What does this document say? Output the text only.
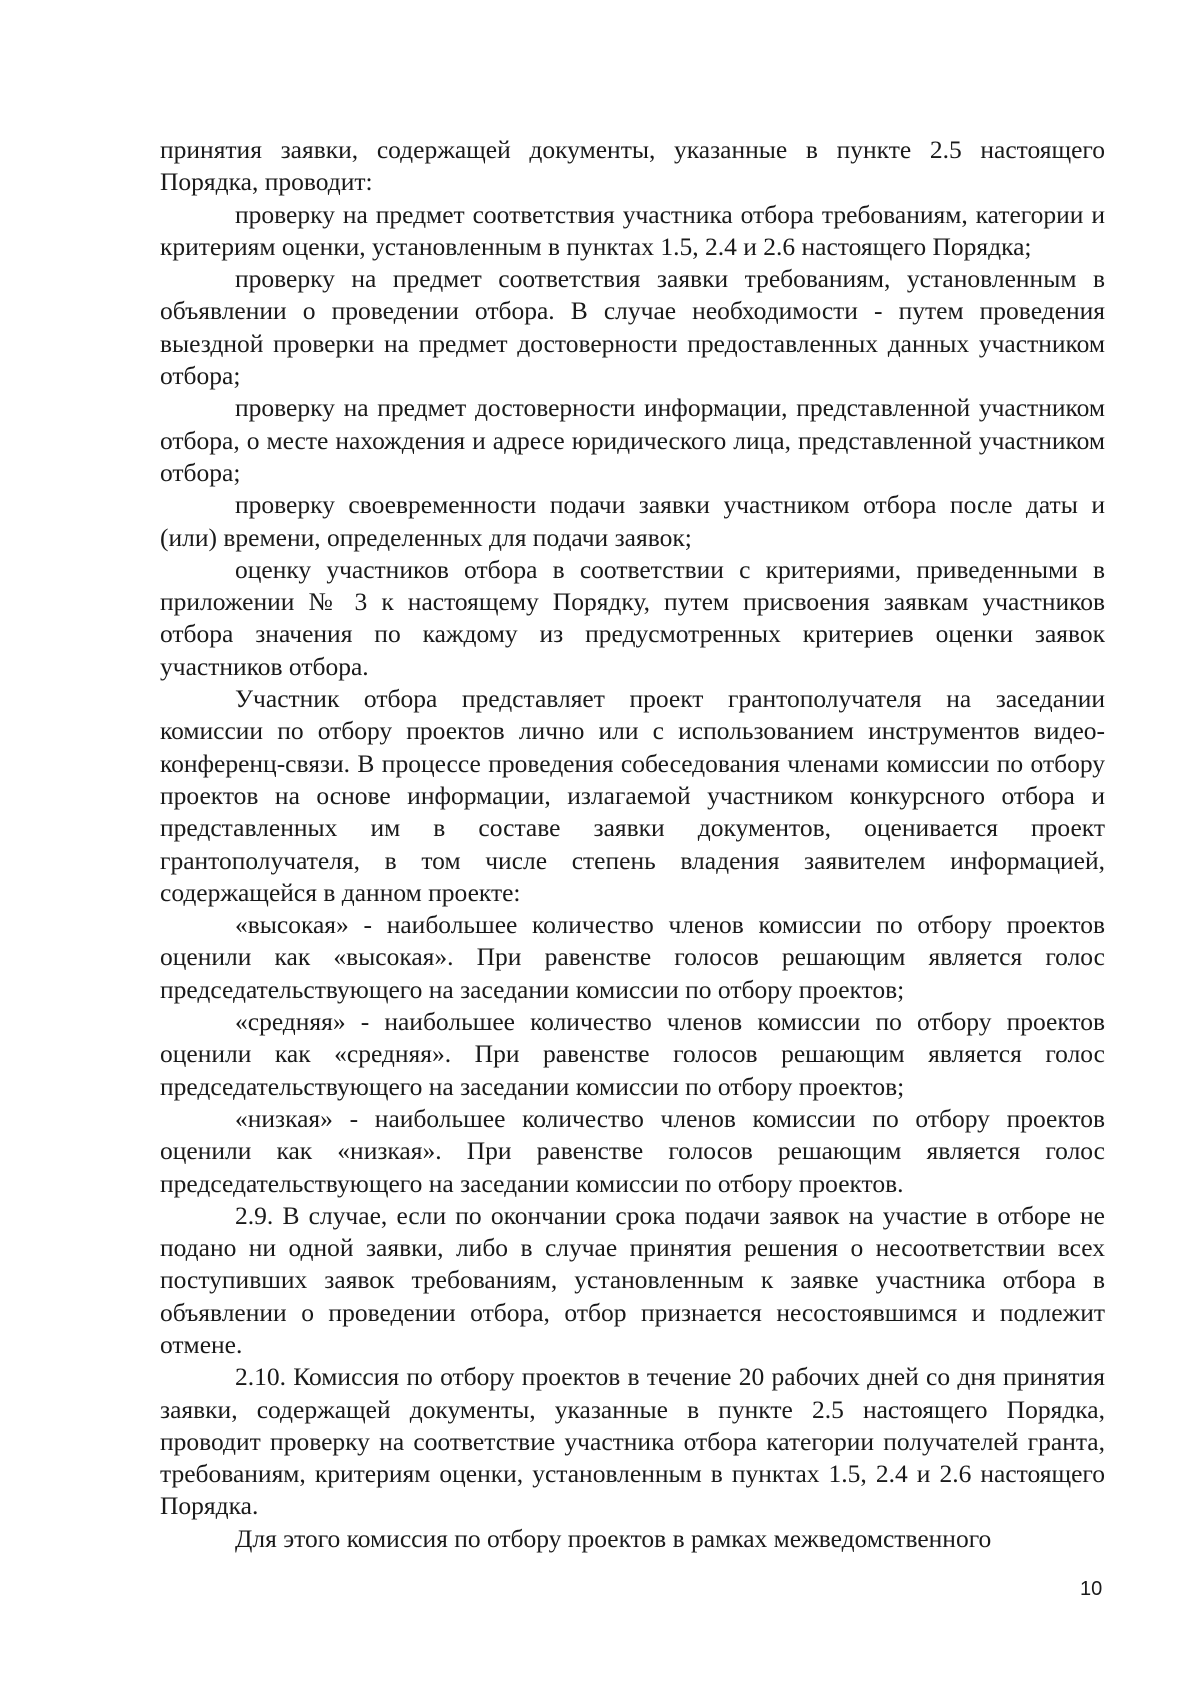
принятия заявки, содержащей документы, указанные в пункте 2.5 настоящего Порядка, проводит:

проверку на предмет соответствия участника отбора требованиям, категории и критериям оценки, установленным в пунктах 1.5, 2.4 и 2.6 настоящего Порядка;

проверку на предмет соответствия заявки требованиям, установленным в объявлении о проведении отбора. В случае необходимости - путем проведения выездной проверки на предмет достоверности предоставленных данных участником отбора;

проверку на предмет достоверности информации, представленной участником отбора, о месте нахождения и адресе юридического лица, представленной участником отбора;

проверку своевременности подачи заявки участником отбора после даты и (или) времени, определенных для подачи заявок;

оценку участников отбора в соответствии с критериями, приведенными в приложении № 3 к настоящему Порядку, путем присвоения заявкам участников отбора значения по каждому из предусмотренных критериев оценки заявок участников отбора.

Участник отбора представляет проект грантополучателя на заседании комиссии по отбору проектов лично или с использованием инструментов видео-конференц-связи. В процессе проведения собеседования членами комиссии по отбору проектов на основе информации, излагаемой участником конкурсного отбора и представленных им в составе заявки документов, оценивается проект грантополучателя, в том числе степень владения заявителем информацией, содержащейся в данном проекте:

«высокая» - наибольшее количество членов комиссии по отбору проектов оценили как «высокая». При равенстве голосов решающим является голос председательствующего на заседании комиссии по отбору проектов;

«средняя» - наибольшее количество членов комиссии по отбору проектов оценили как «средняя». При равенстве голосов решающим является голос председательствующего на заседании комиссии по отбору проектов;

«низкая» - наибольшее количество членов комиссии по отбору проектов оценили как «низкая». При равенстве голосов решающим является голос председательствующего на заседании комиссии по отбору проектов.

2.9. В случае, если по окончании срока подачи заявок на участие в отборе не подано ни одной заявки, либо в случае принятия решения о несоответствии всех поступивших заявок требованиям, установленным к заявке участника отбора в объявлении о проведении отбора, отбор признается несостоявшимся и подлежит отмене.

2.10. Комиссия по отбору проектов в течение 20 рабочих дней со дня принятия заявки, содержащей документы, указанные в пункте 2.5 настоящего Порядка, проводит проверку на соответствие участника отбора категории получателей гранта, требованиям, критериям оценки, установленным в пунктах 1.5, 2.4 и 2.6 настоящего Порядка.

Для этого комиссия по отбору проектов в рамках межведомственного

10
